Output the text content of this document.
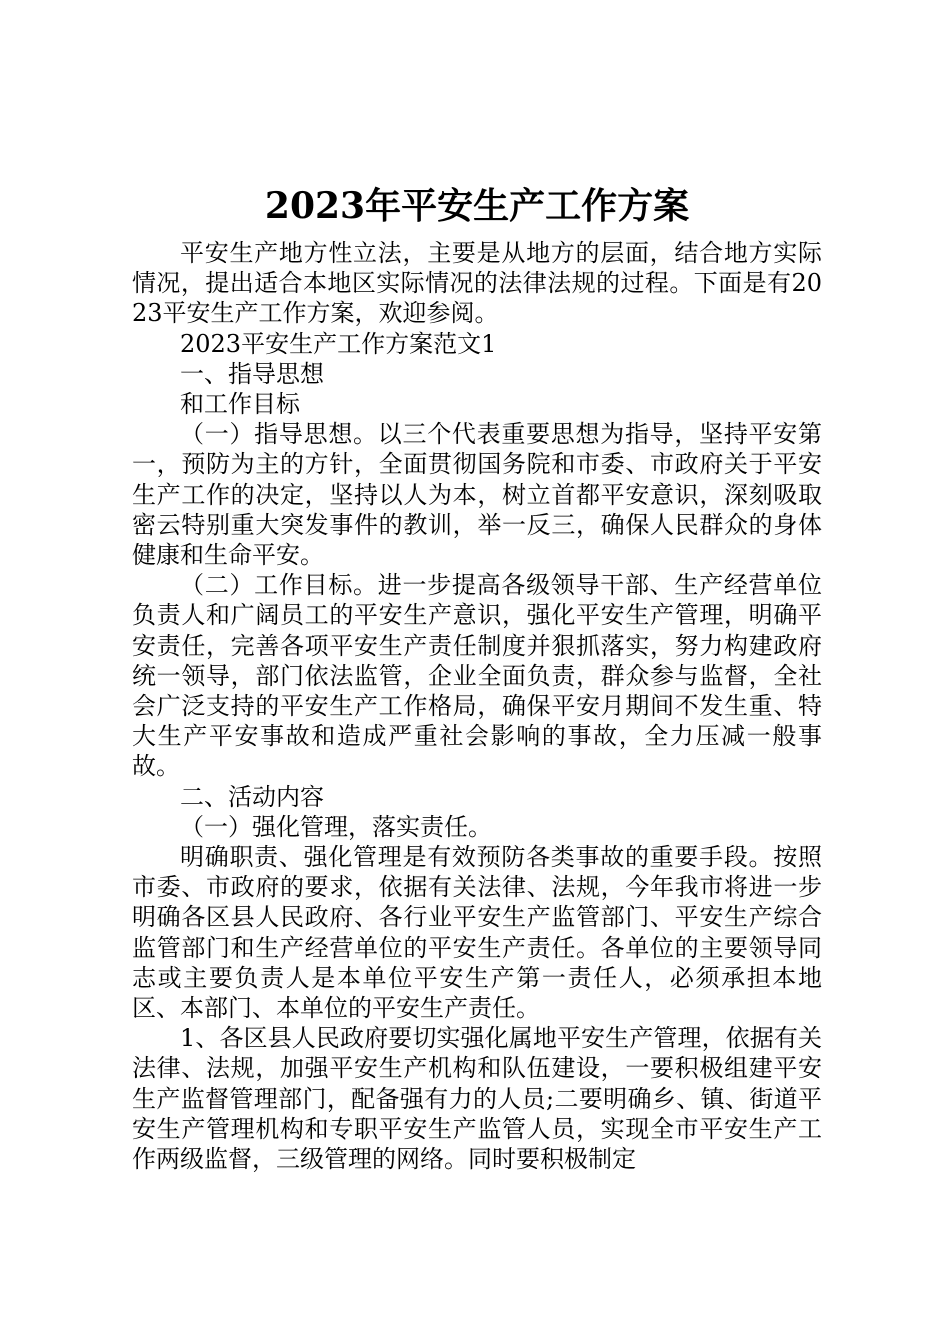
2023年平安生产工作方案

平安生产地方性立法，主要是从地方的层面，结合地方实际情况，提出适合本地区实际情况的法律法规的过程。下面是有2023平安生产工作方案，欢迎参阅。

2023平安生产工作方案范文1

一、指导思想

和工作目标

（一）指导思想。以三个代表重要思想为指导，坚持平安第一，预防为主的方针，全面贯彻国务院和市委、市政府关于平安生产工作的决定，坚持以人为本，树立首都平安意识，深刻吸取密云特别重大突发事件的教训，举一反三，确保人民群众的身体健康和生命平安。

（二）工作目标。进一步提高各级领导干部、生产经营单位负责人和广阔员工的平安生产意识，强化平安生产管理，明确平安责任，完善各项平安生产责任制度并狠抓落实，努力构建政府统一领导，部门依法监管，企业全面负责，群众参与监督，全社会广泛支持的平安生产工作格局，确保平安月期间不发生重、特大生产平安事故和造成严重社会影响的事故，全力压减一般事故。

二、活动内容

（一）强化管理，落实责任。

明确职责、强化管理是有效预防各类事故的重要手段。按照市委、市政府的要求，依据有关法律、法规，今年我市将进一步明确各区县人民政府、各行业平安生产监管部门、平安生产综合监管部门和生产经营单位的平安生产责任。各单位的主要领导同志或主要负责人是本单位平安生产第一责任人，必须承担本地区、本部门、本单位的平安生产责任。

1、各区县人民政府要切实强化属地平安生产管理，依据有关法律、法规，加强平安生产机构和队伍建设，一要积极组建平安生产监督管理部门，配备强有力的人员;二要明确乡、镇、街道平安生产管理机构和专职平安生产监管人员，实现全市平安生产工作两级监督，三级管理的网络。同时要积极制定
